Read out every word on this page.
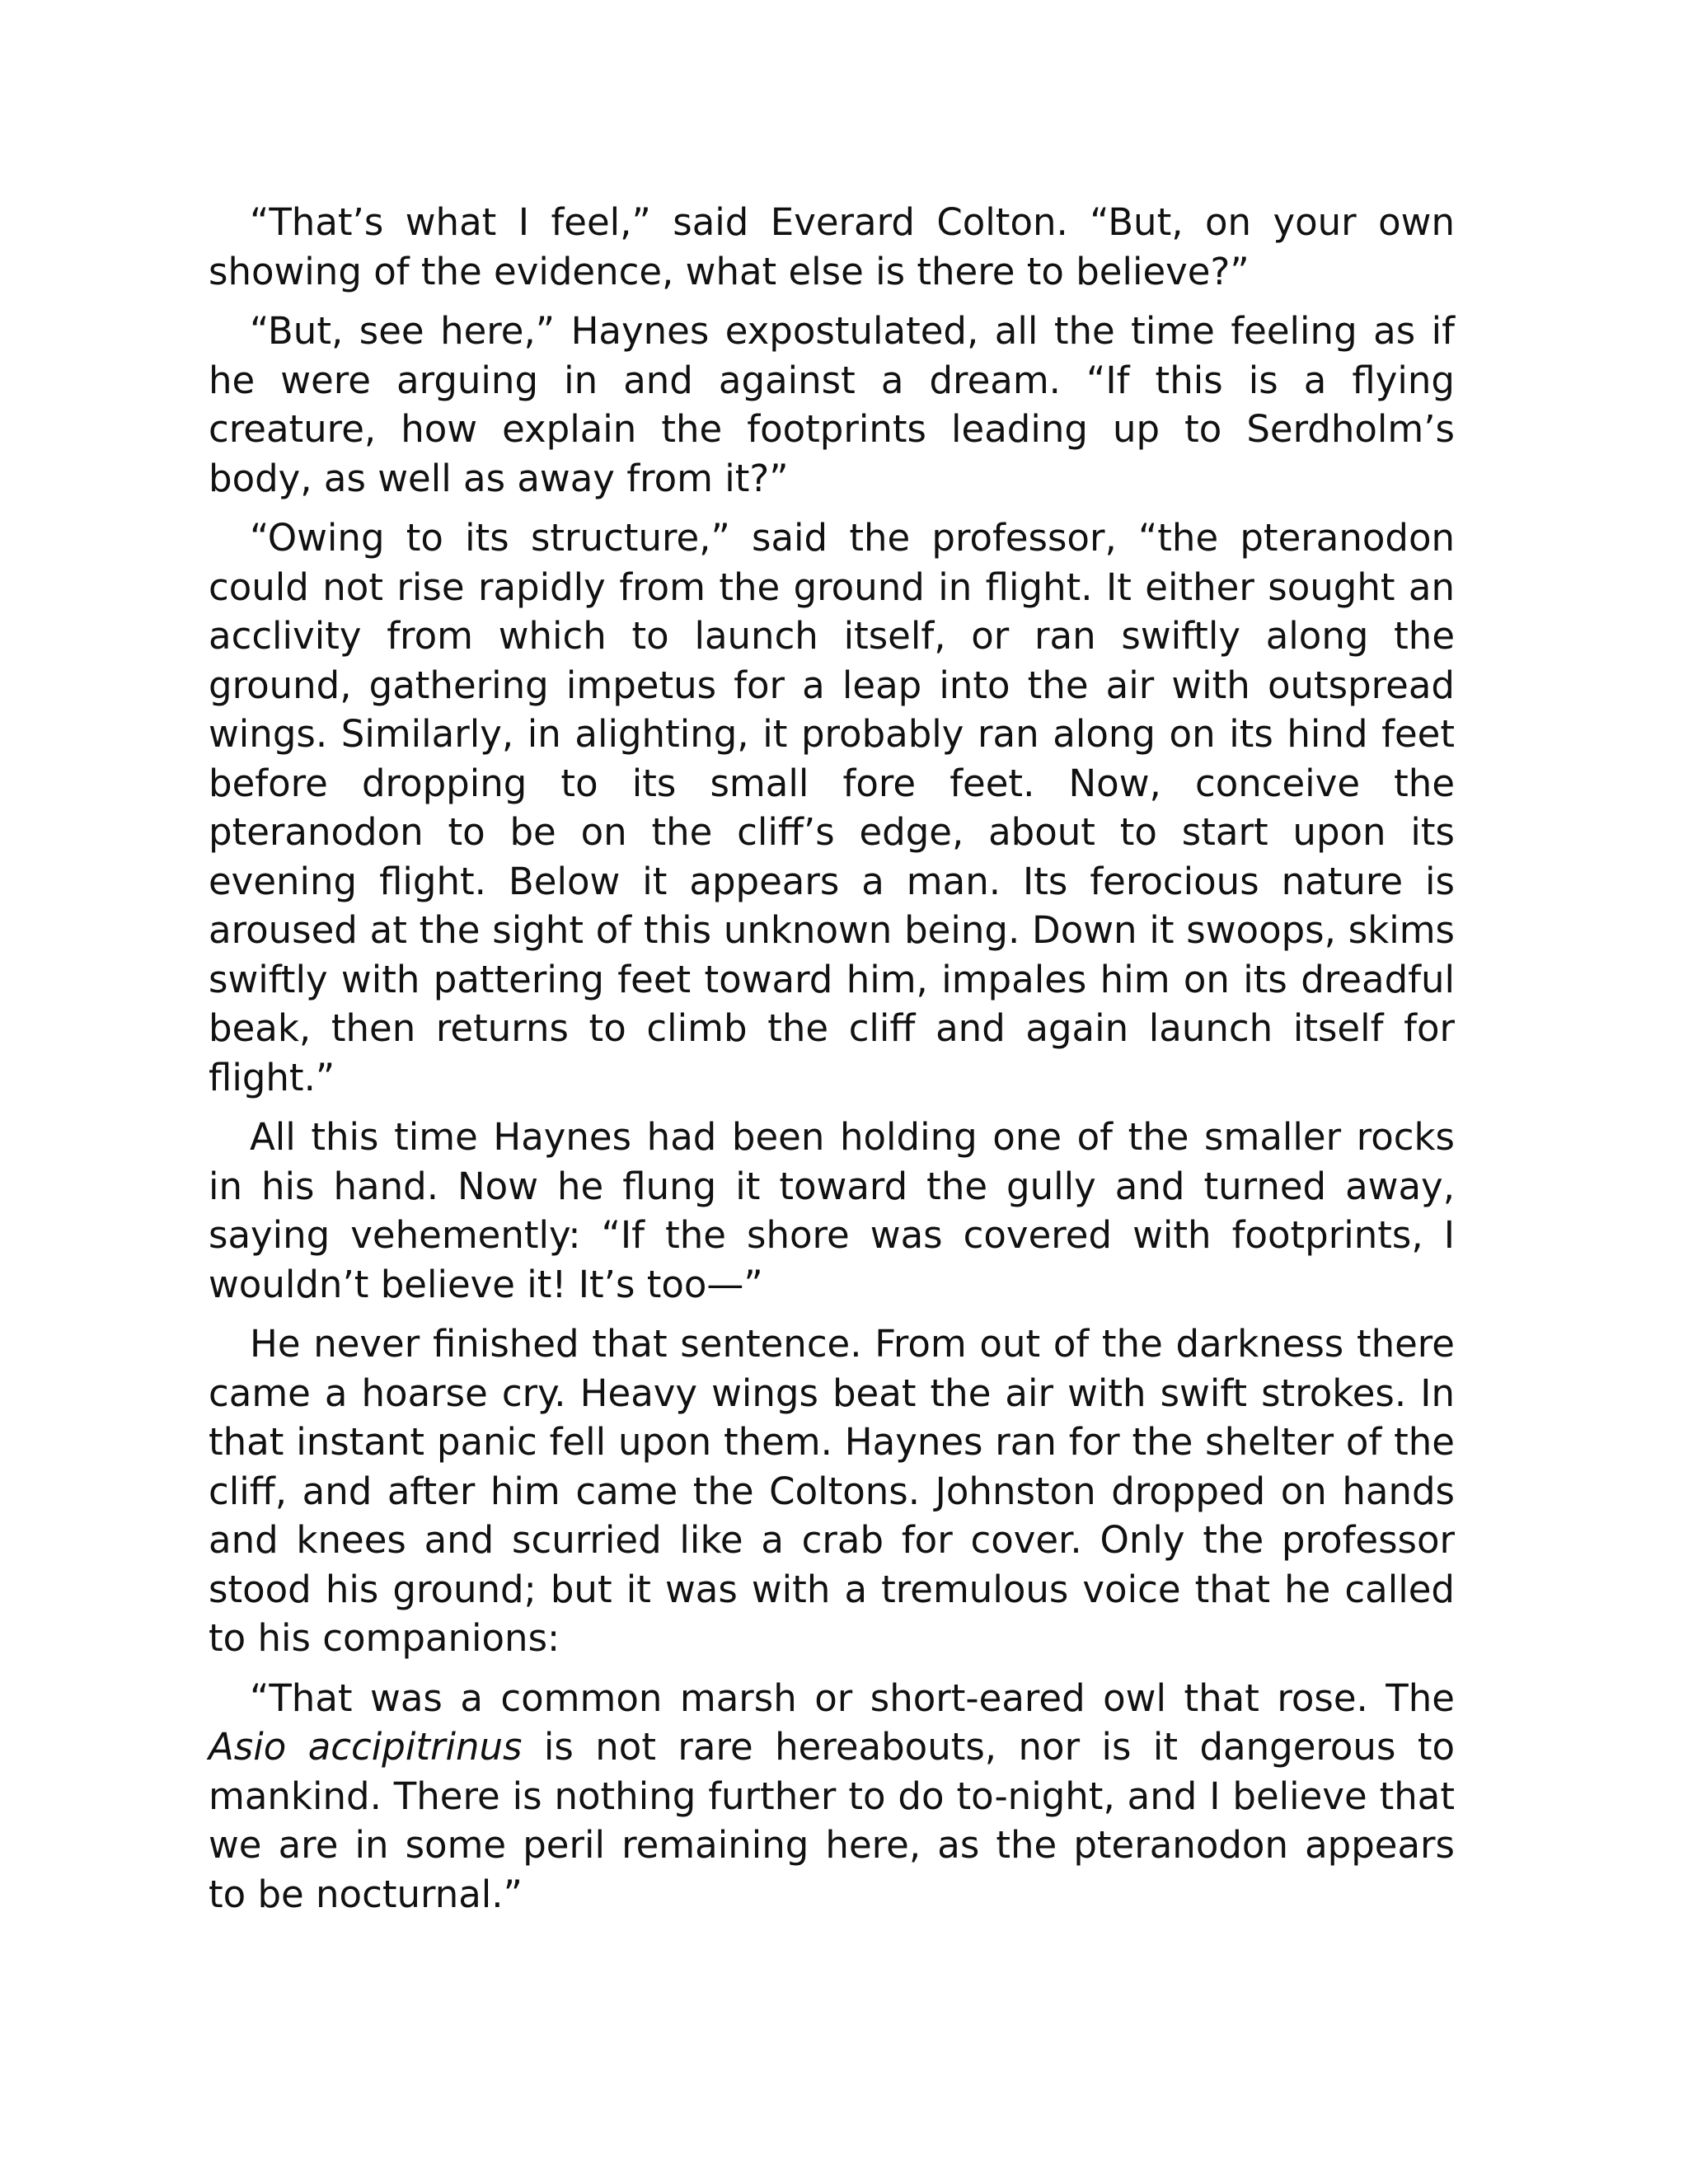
“That’s what I feel,” said Everard Colton. “But, on your own showing of the evidence, what else is there to believe?”

“But, see here,” Haynes expostulated, all the time feeling as if he were arguing in and against a dream. “If this is a flying creature, how explain the footprints leading up to Serdholm’s body, as well as away from it?”

“Owing to its structure,” said the professor, “the pteranodon could not rise rapidly from the ground in flight. It either sought an acclivity from which to launch itself, or ran swiftly along the ground, gathering impetus for a leap into the air with outspread wings. Similarly, in alighting, it probably ran along on its hind feet before dropping to its small fore feet. Now, conceive the pteranodon to be on the cliff’s edge, about to start upon its evening flight. Below it appears a man. Its ferocious nature is aroused at the sight of this unknown being. Down it swoops, skims swiftly with pattering feet toward him, impales him on its dreadful beak, then returns to climb the cliff and again launch itself for flight.”

All this time Haynes had been holding one of the smaller rocks in his hand. Now he flung it toward the gully and turned away, saying vehemently: “If the shore was covered with footprints, I wouldn’t believe it! It’s too—”

He never finished that sentence. From out of the darkness there came a hoarse cry. Heavy wings beat the air with swift strokes. In that instant panic fell upon them. Haynes ran for the shelter of the cliff, and after him came the Coltons. Johnston dropped on hands and knees and scurried like a crab for cover. Only the professor stood his ground; but it was with a tremulous voice that he called to his companions:

“That was a common marsh or short-eared owl that rose. The Asio accipitrinus is not rare hereabouts, nor is it dangerous to mankind. There is nothing further to do to-night, and I believe that we are in some peril remaining here, as the pteranodon appears to be nocturnal.”
